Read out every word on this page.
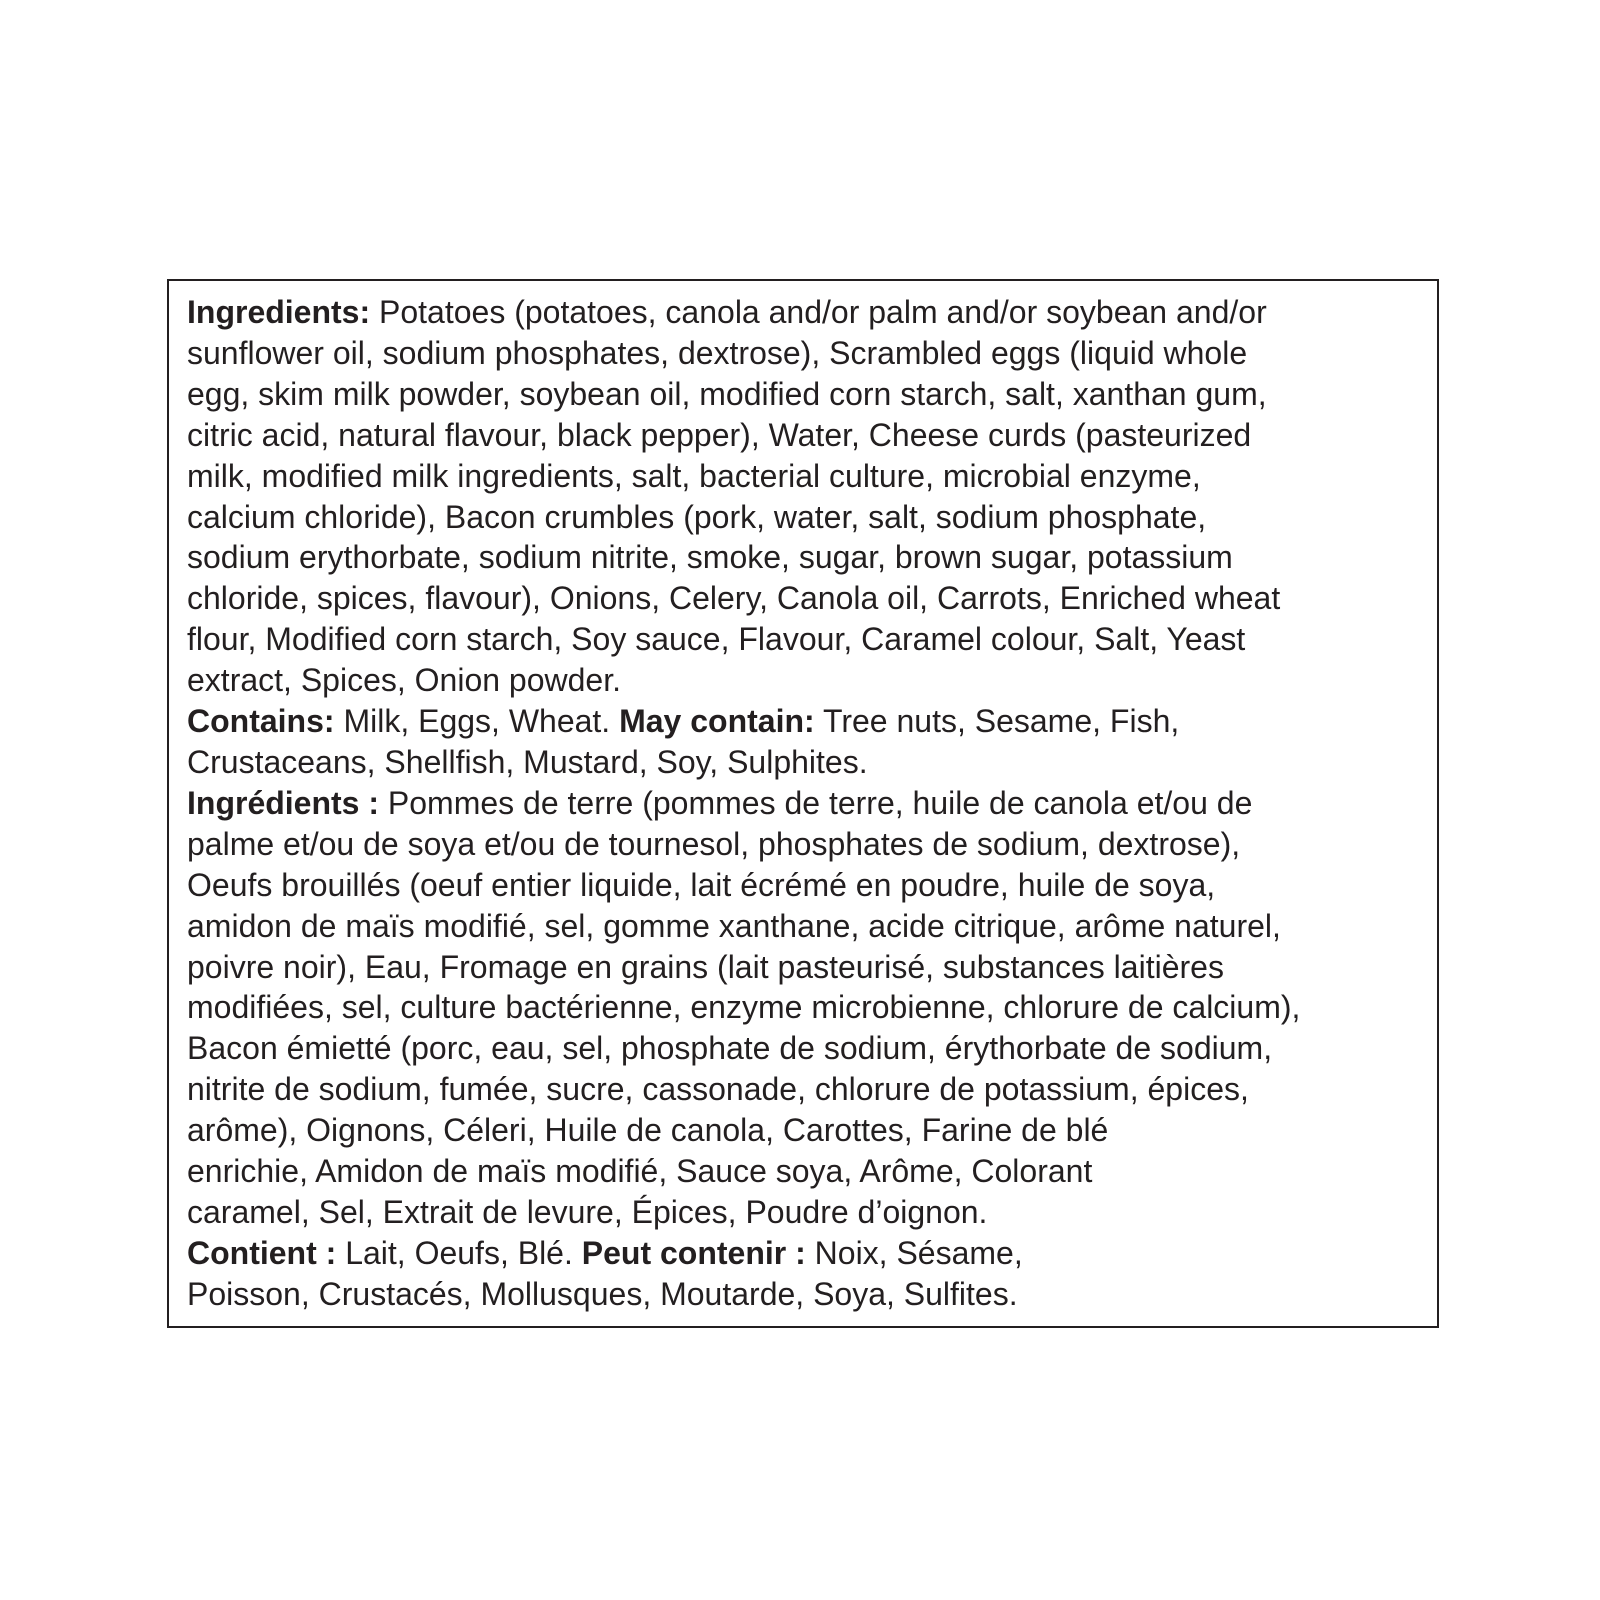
Ingredients: Potatoes (potatoes, canola and/or palm and/or soybean and/or
sunflower oil, sodium phosphates, dextrose), Scrambled eggs (liquid whole
egg, skim milk powder, soybean oil, modified corn starch, salt, xanthan gum,
citric acid, natural flavour, black pepper), Water, Cheese curds (pasteurized
milk, modified milk ingredients, salt, bacterial culture, microbial enzyme,
calcium chloride), Bacon crumbles (pork, water, salt, sodium phosphate,
sodium erythorbate, sodium nitrite, smoke, sugar, brown sugar, potassium
chloride, spices, flavour), Onions, Celery, Canola oil, Carrots, Enriched wheat
flour, Modified corn starch, Soy sauce, Flavour, Caramel colour, Salt, Yeast
extract, Spices, Onion powder.
Contains: Milk, Eggs, Wheat. May contain: Tree nuts, Sesame, Fish,
Crustaceans, Shellfish, Mustard, Soy, Sulphites.
Ingrédients : Pommes de terre (pommes de terre, huile de canola et/ou de
palme et/ou de soya et/ou de tournesol, phosphates de sodium, dextrose),
Oeufs brouillés (oeuf entier liquide, lait écrémé en poudre, huile de soya,
amidon de maïs modifié, sel, gomme xanthane, acide citrique, arôme naturel,
poivre noir), Eau, Fromage en grains (lait pasteurisé, substances laitières
modifiées, sel, culture bactérienne, enzyme microbienne, chlorure de calcium),
Bacon émietté (porc, eau, sel, phosphate de sodium, érythorbate de sodium,
nitrite de sodium, fumée, sucre, cassonade, chlorure de potassium, épices,
arôme), Oignons, Céleri, Huile de canola, Carottes, Farine de blé
enrichie, Amidon de maïs modifié, Sauce soya, Arôme, Colorant
caramel, Sel, Extrait de levure, Épices, Poudre d’oignon.
Contient : Lait, Oeufs, Blé. Peut contenir : Noix, Sésame,
Poisson, Crustacés, Mollusques, Moutarde, Soya, Sulfites.
